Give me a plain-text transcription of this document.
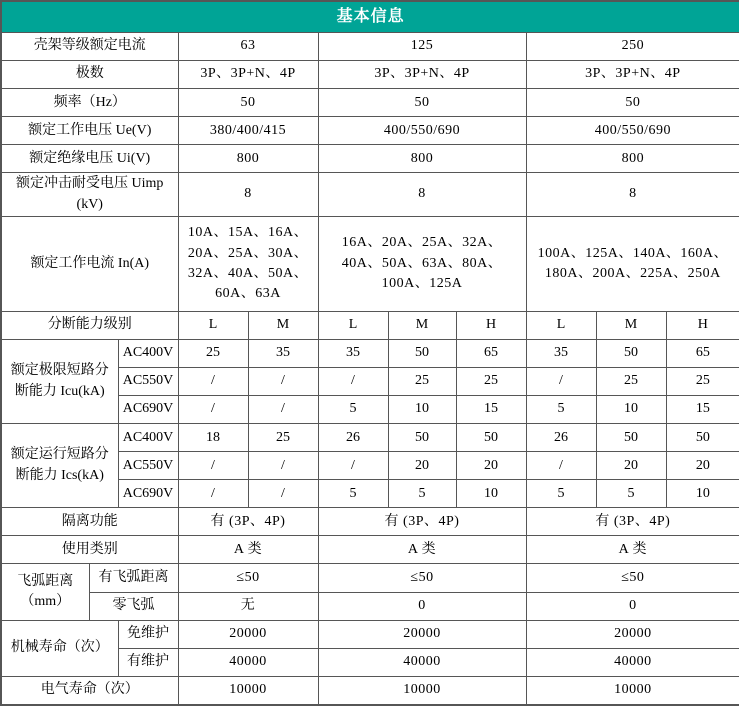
基本信息										
壳架等级额定电流			63		125			250		
极数			3P、3P+N、4P		3P、3P+N、4P			3P、3P+N、4P		
频率（Hz）			50		50			50		
额定工作电压 Ue(V)			380/400/415		400/550/690			400/550/690		
额定绝缘电压 Ui(V)			800		800			800		
额定冲击耐受电压 Uimp (kV)			8		8			8		
额定工作电流 In(A)			10A、15A、16A、20A、25A、30A、32A、40A、50A、60A、63A		16A、20A、25A、32A、40A、50A、63A、80A、100A、125A			100A、125A、140A、160A、180A、200A、225A、250A		
分断能力级别			L	M	L	M	H	L	M	H
额定极限短路分断能力 Icu(kA)		AC400V	25	35	35	50	65	35	50	65
		AC550V	/	/	/	25	25	/	25	25
		AC690V	/	/	5	10	15	5	10	15
额定运行短路分断能力 Ics(kA)		AC400V	18	25	26	50	50	26	50	50
		AC550V	/	/	/	20	20	/	20	20
		AC690V	/	/	5	5	10	5	5	10
隔离功能			有 (3P、4P)		有 (3P、4P)			有 (3P、4P)		
使用类别			A 类		A 类			A 类		
飞弧距离（mm）	有飞弧距离		≤50		≤50			≤50		
	零飞弧		无		0			0		
机械寿命（次）		免维护	20000		20000			20000		
		有维护	40000		40000			40000		
电气寿命（次）			10000		10000			10000		
